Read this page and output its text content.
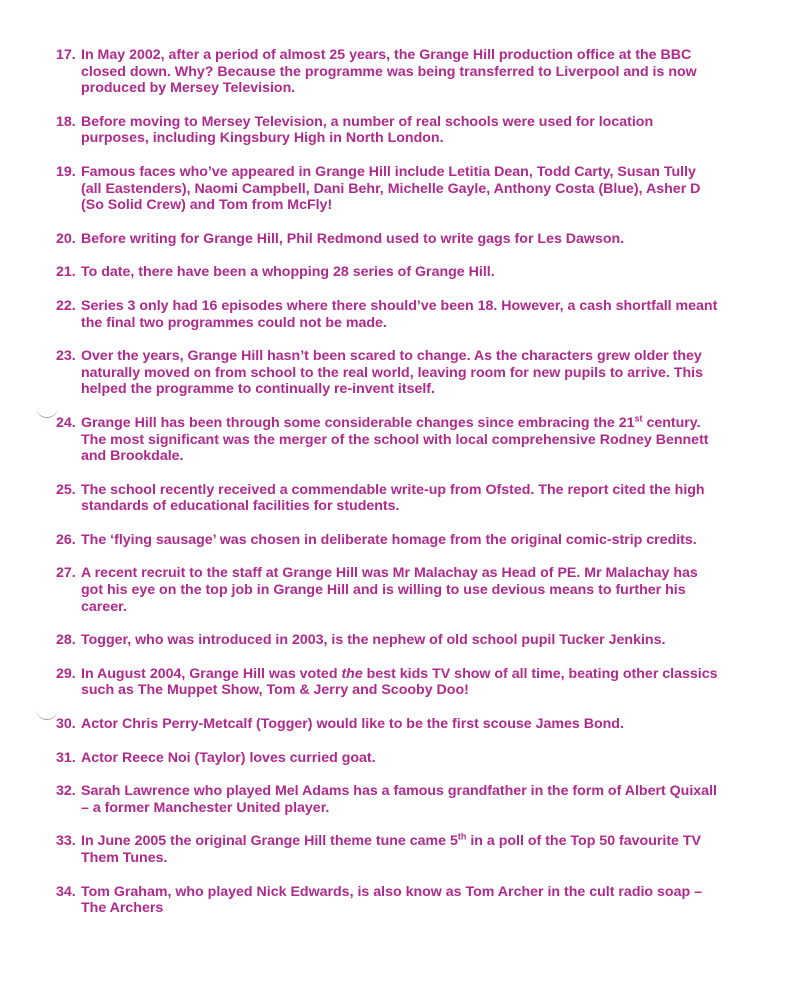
17. In May 2002, after a period of almost 25 years, the Grange Hill production office at the BBC
closed down. Why? Because the programme was being transferred to Liverpool and is now
produced by Mersey Television.
18. Before moving to Mersey Television, a number of real schools were used for location
purposes, including Kingsbury High in North London.
19. Famous faces who’ve appeared in Grange Hill include Letitia Dean, Todd Carty, Susan Tully
(all Eastenders), Naomi Campbell, Dani Behr, Michelle Gayle, Anthony Costa (Blue), Asher D
(So Solid Crew) and Tom from McFly!
20. Before writing for Grange Hill, Phil Redmond used to write gags for Les Dawson.
21. To date, there have been a whopping 28 series of Grange Hill.
22. Series 3 only had 16 episodes where there should’ve been 18. However, a cash shortfall meant
the final two programmes could not be made.
23. Over the years, Grange Hill hasn’t been scared to change. As the characters grew older they
naturally moved on from school to the real world, leaving room for new pupils to arrive. This
helped the programme to continually re-invent itself.
24. Grange Hill has been through some considerable changes since embracing the 21st century.
The most significant was the merger of the school with local comprehensive Rodney Bennett
and Brookdale.
25. The school recently received a commendable write-up from Ofsted. The report cited the high
standards of educational facilities for students.
26. The ‘flying sausage’ was chosen in deliberate homage from the original comic-strip credits.
27. A recent recruit to the staff at Grange Hill was Mr Malachay as Head of PE. Mr Malachay has
got his eye on the top job in Grange Hill and is willing to use devious means to further his
career.
28. Togger, who was introduced in 2003, is the nephew of old school pupil Tucker Jenkins.
29. In August 2004, Grange Hill was voted the best kids TV show of all time, beating other classics
such as The Muppet Show, Tom & Jerry and Scooby Doo!
30. Actor Chris Perry-Metcalf (Togger) would like to be the first scouse James Bond.
31. Actor Reece Noi (Taylor) loves curried goat.
32. Sarah Lawrence who played Mel Adams has a famous grandfather in the form of Albert Quixall
– a former Manchester United player.
33. In June 2005 the original Grange Hill theme tune came 5th in a poll of the Top 50 favourite TV
Them Tunes.
34. Tom Graham, who played Nick Edwards, is also know as Tom Archer in the cult radio soap –
The Archers
